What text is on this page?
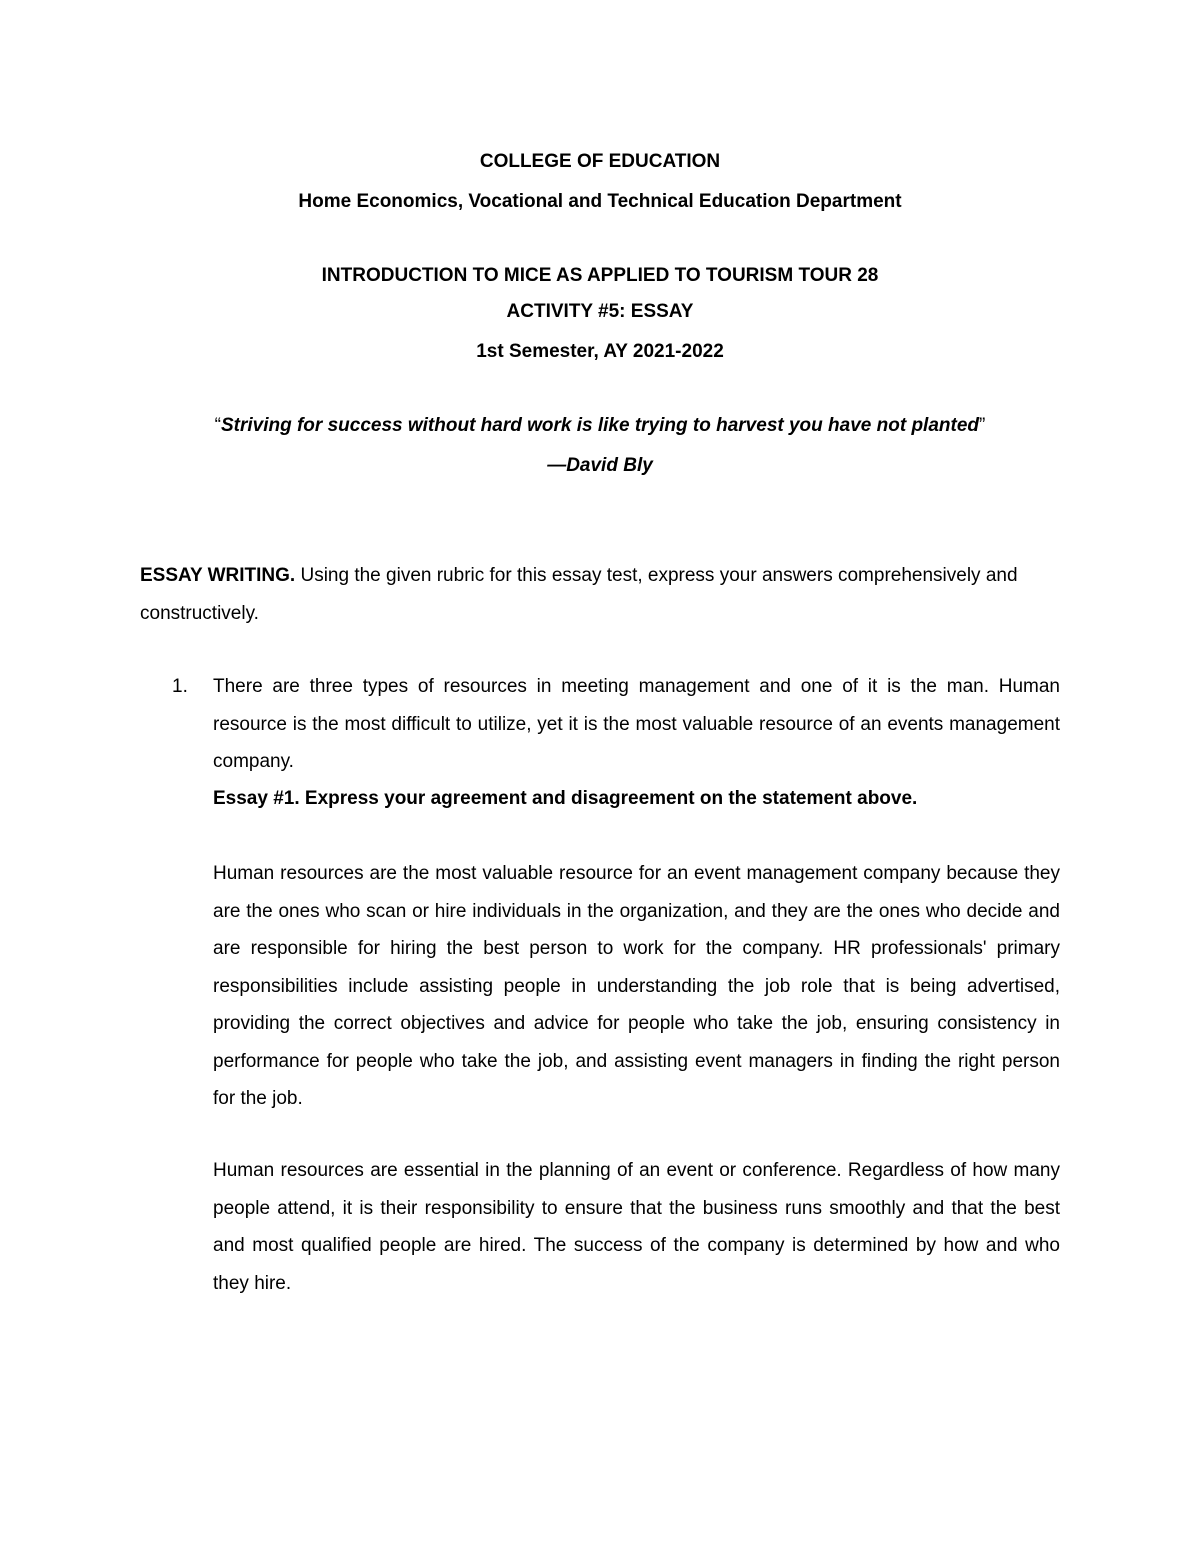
COLLEGE OF EDUCATION
Home Economics, Vocational and Technical Education Department
INTRODUCTION TO MICE AS APPLIED TO TOURISM TOUR 28
ACTIVITY #5: ESSAY
1st Semester, AY 2021-2022
“Striving for success without hard work is like trying to harvest you have not planted”
—David Bly
ESSAY WRITING. Using the given rubric for this essay test, express your answers comprehensively and constructively.
1. There are three types of resources in meeting management and one of it is the man. Human resource is the most difficult to utilize, yet it is the most valuable resource of an events management company.
Essay #1. Express your agreement and disagreement on the statement above.
Human resources are the most valuable resource for an event management company because they are the ones who scan or hire individuals in the organization, and they are the ones who decide and are responsible for hiring the best person to work for the company. HR professionals' primary responsibilities include assisting people in understanding the job role that is being advertised, providing the correct objectives and advice for people who take the job, ensuring consistency in performance for people who take the job, and assisting event managers in finding the right person for the job.
Human resources are essential in the planning of an event or conference. Regardless of how many people attend, it is their responsibility to ensure that the business runs smoothly and that the best and most qualified people are hired. The success of the company is determined by how and who they hire.
